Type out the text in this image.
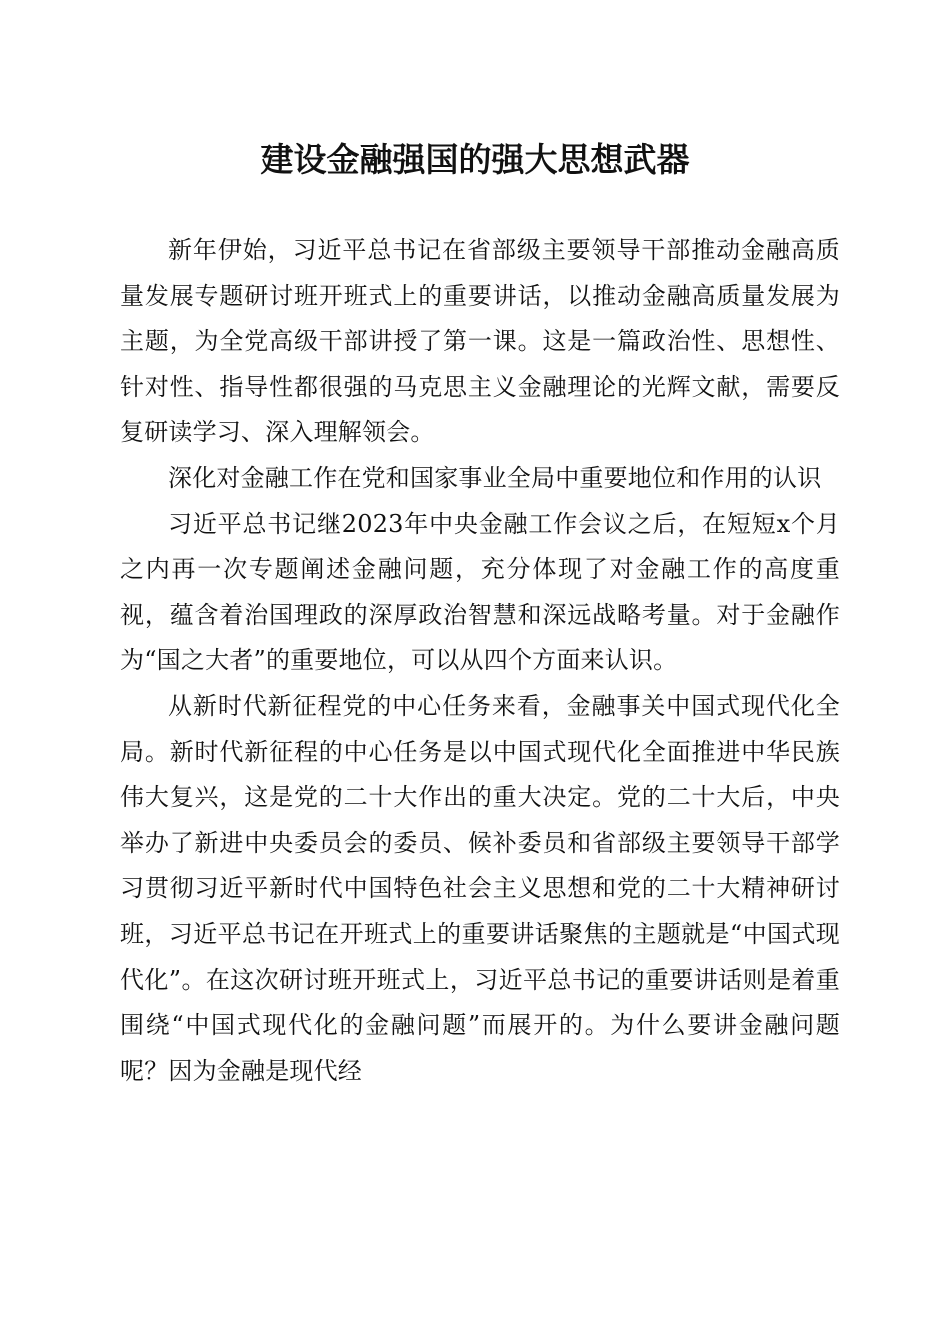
建设金融强国的强大思想武器

新年伊始，习近平总书记在省部级主要领导干部推动金融高质量发展专题研讨班开班式上的重要讲话，以推动金融高质量发展为主题，为全党高级干部讲授了第一课。这是一篇政治性、思想性、针对性、指导性都很强的马克思主义金融理论的光辉文献，需要反复研读学习、深入理解领会。

深化对金融工作在党和国家事业全局中重要地位和作用的认识

习近平总书记继2023年中央金融工作会议之后，在短短x个月之内再一次专题阐述金融问题，充分体现了对金融工作的高度重视，蕴含着治国理政的深厚政治智慧和深远战略考量。对于金融作为“国之大者”的重要地位，可以从四个方面来认识。

从新时代新征程党的中心任务来看，金融事关中国式现代化全局。新时代新征程的中心任务是以中国式现代化全面推进中华民族伟大复兴，这是党的二十大作出的重大决定。党的二十大后，中央举办了新进中央委员会的委员、候补委员和省部级主要领导干部学习贯彻习近平新时代中国特色社会主义思想和党的二十大精神研讨班，习近平总书记在开班式上的重要讲话聚焦的主题就是“中国式现代化”。在这次研讨班开班式上，习近平总书记的重要讲话则是着重围绕“中国式现代化的金融问题”而展开的。为什么要讲金融问题呢？因为金融是现代经
